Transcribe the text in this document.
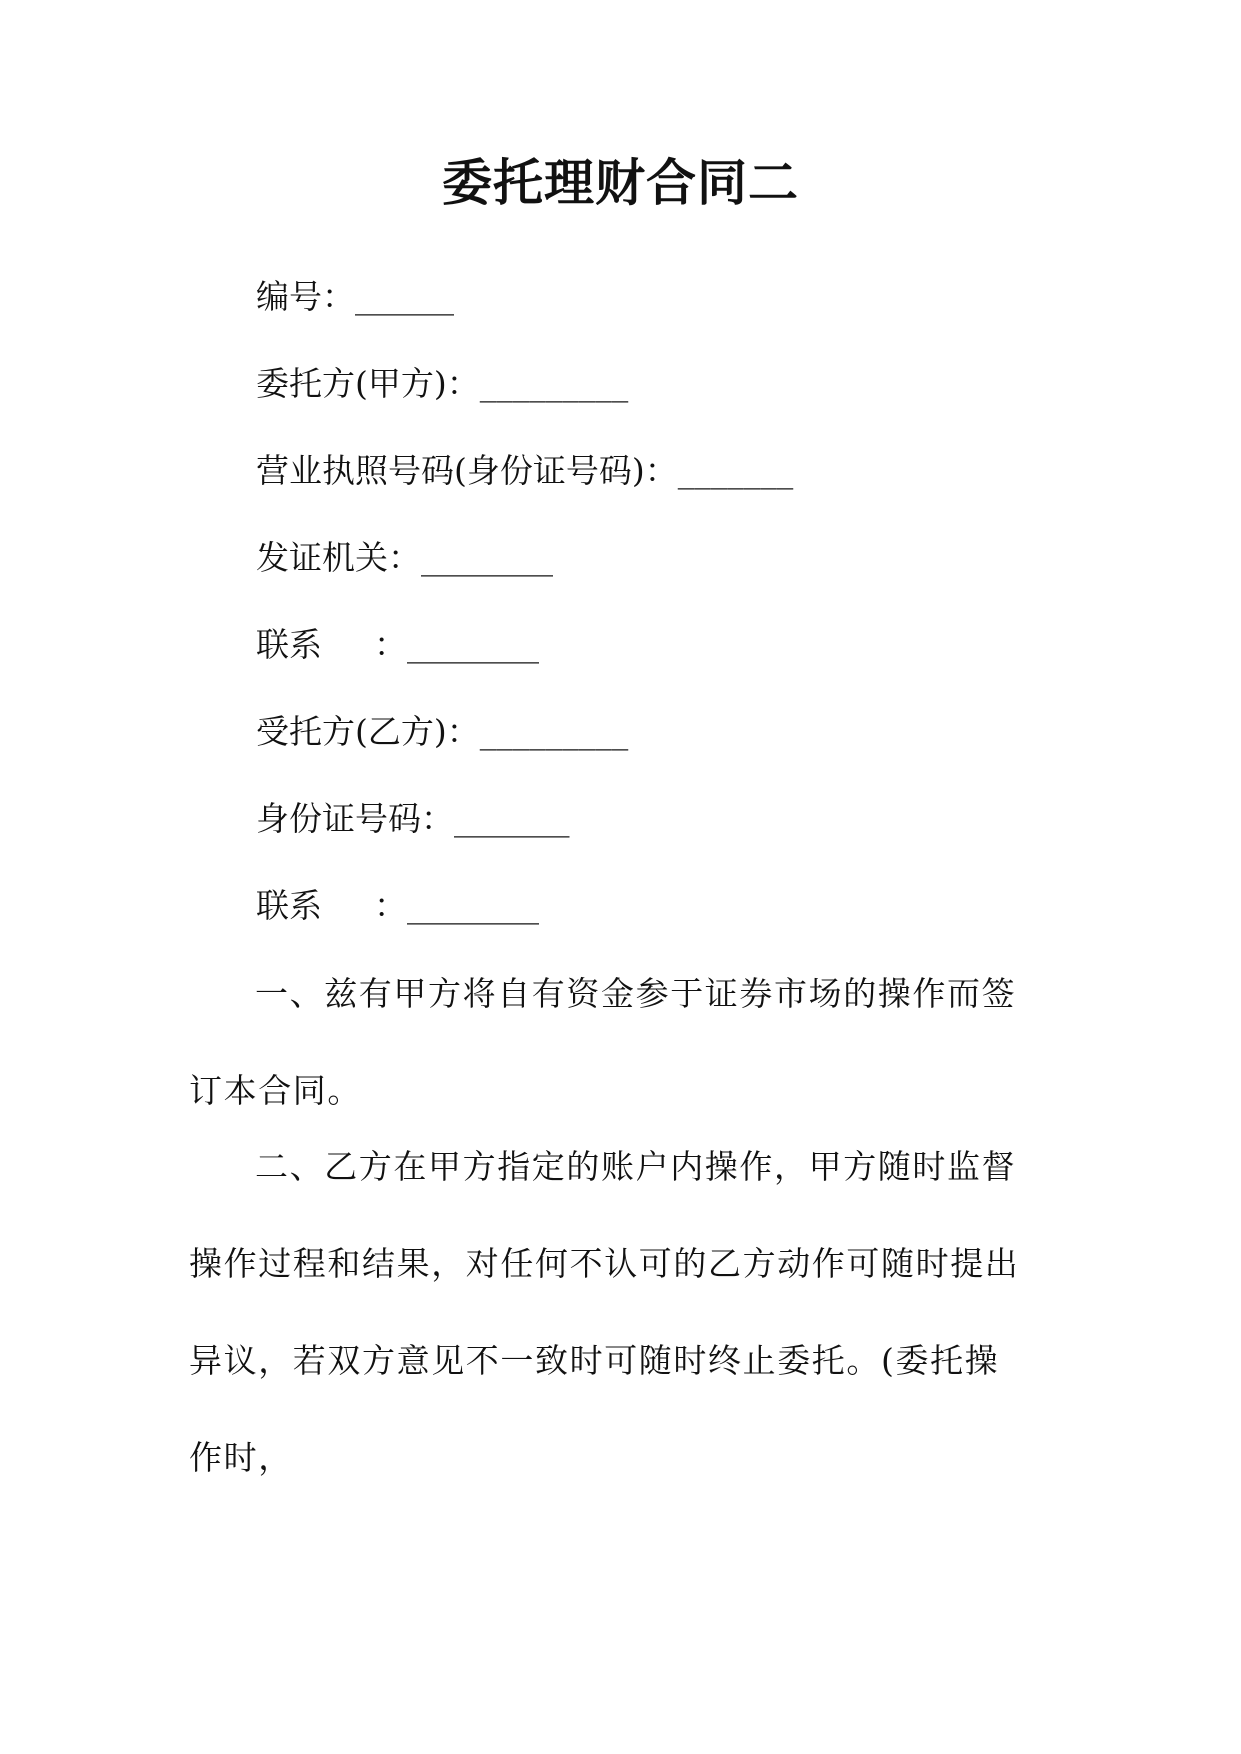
委托理财合同二

编号：______

委托方(甲方)：_________

营业执照号码(身份证号码)：_______

发证机关：________

联系 ：________

受托方(乙方)：_________

身份证号码：_______

联系 ：________

一、兹有甲方将自有资金参于证券市场的操作而签订本合同。

二、乙方在甲方指定的账户内操作，甲方随时监督操作过程和结果，对任何不认可的乙方动作可随时提出异议，若双方意见不一致时可随时终止委托。(委托操作时，
